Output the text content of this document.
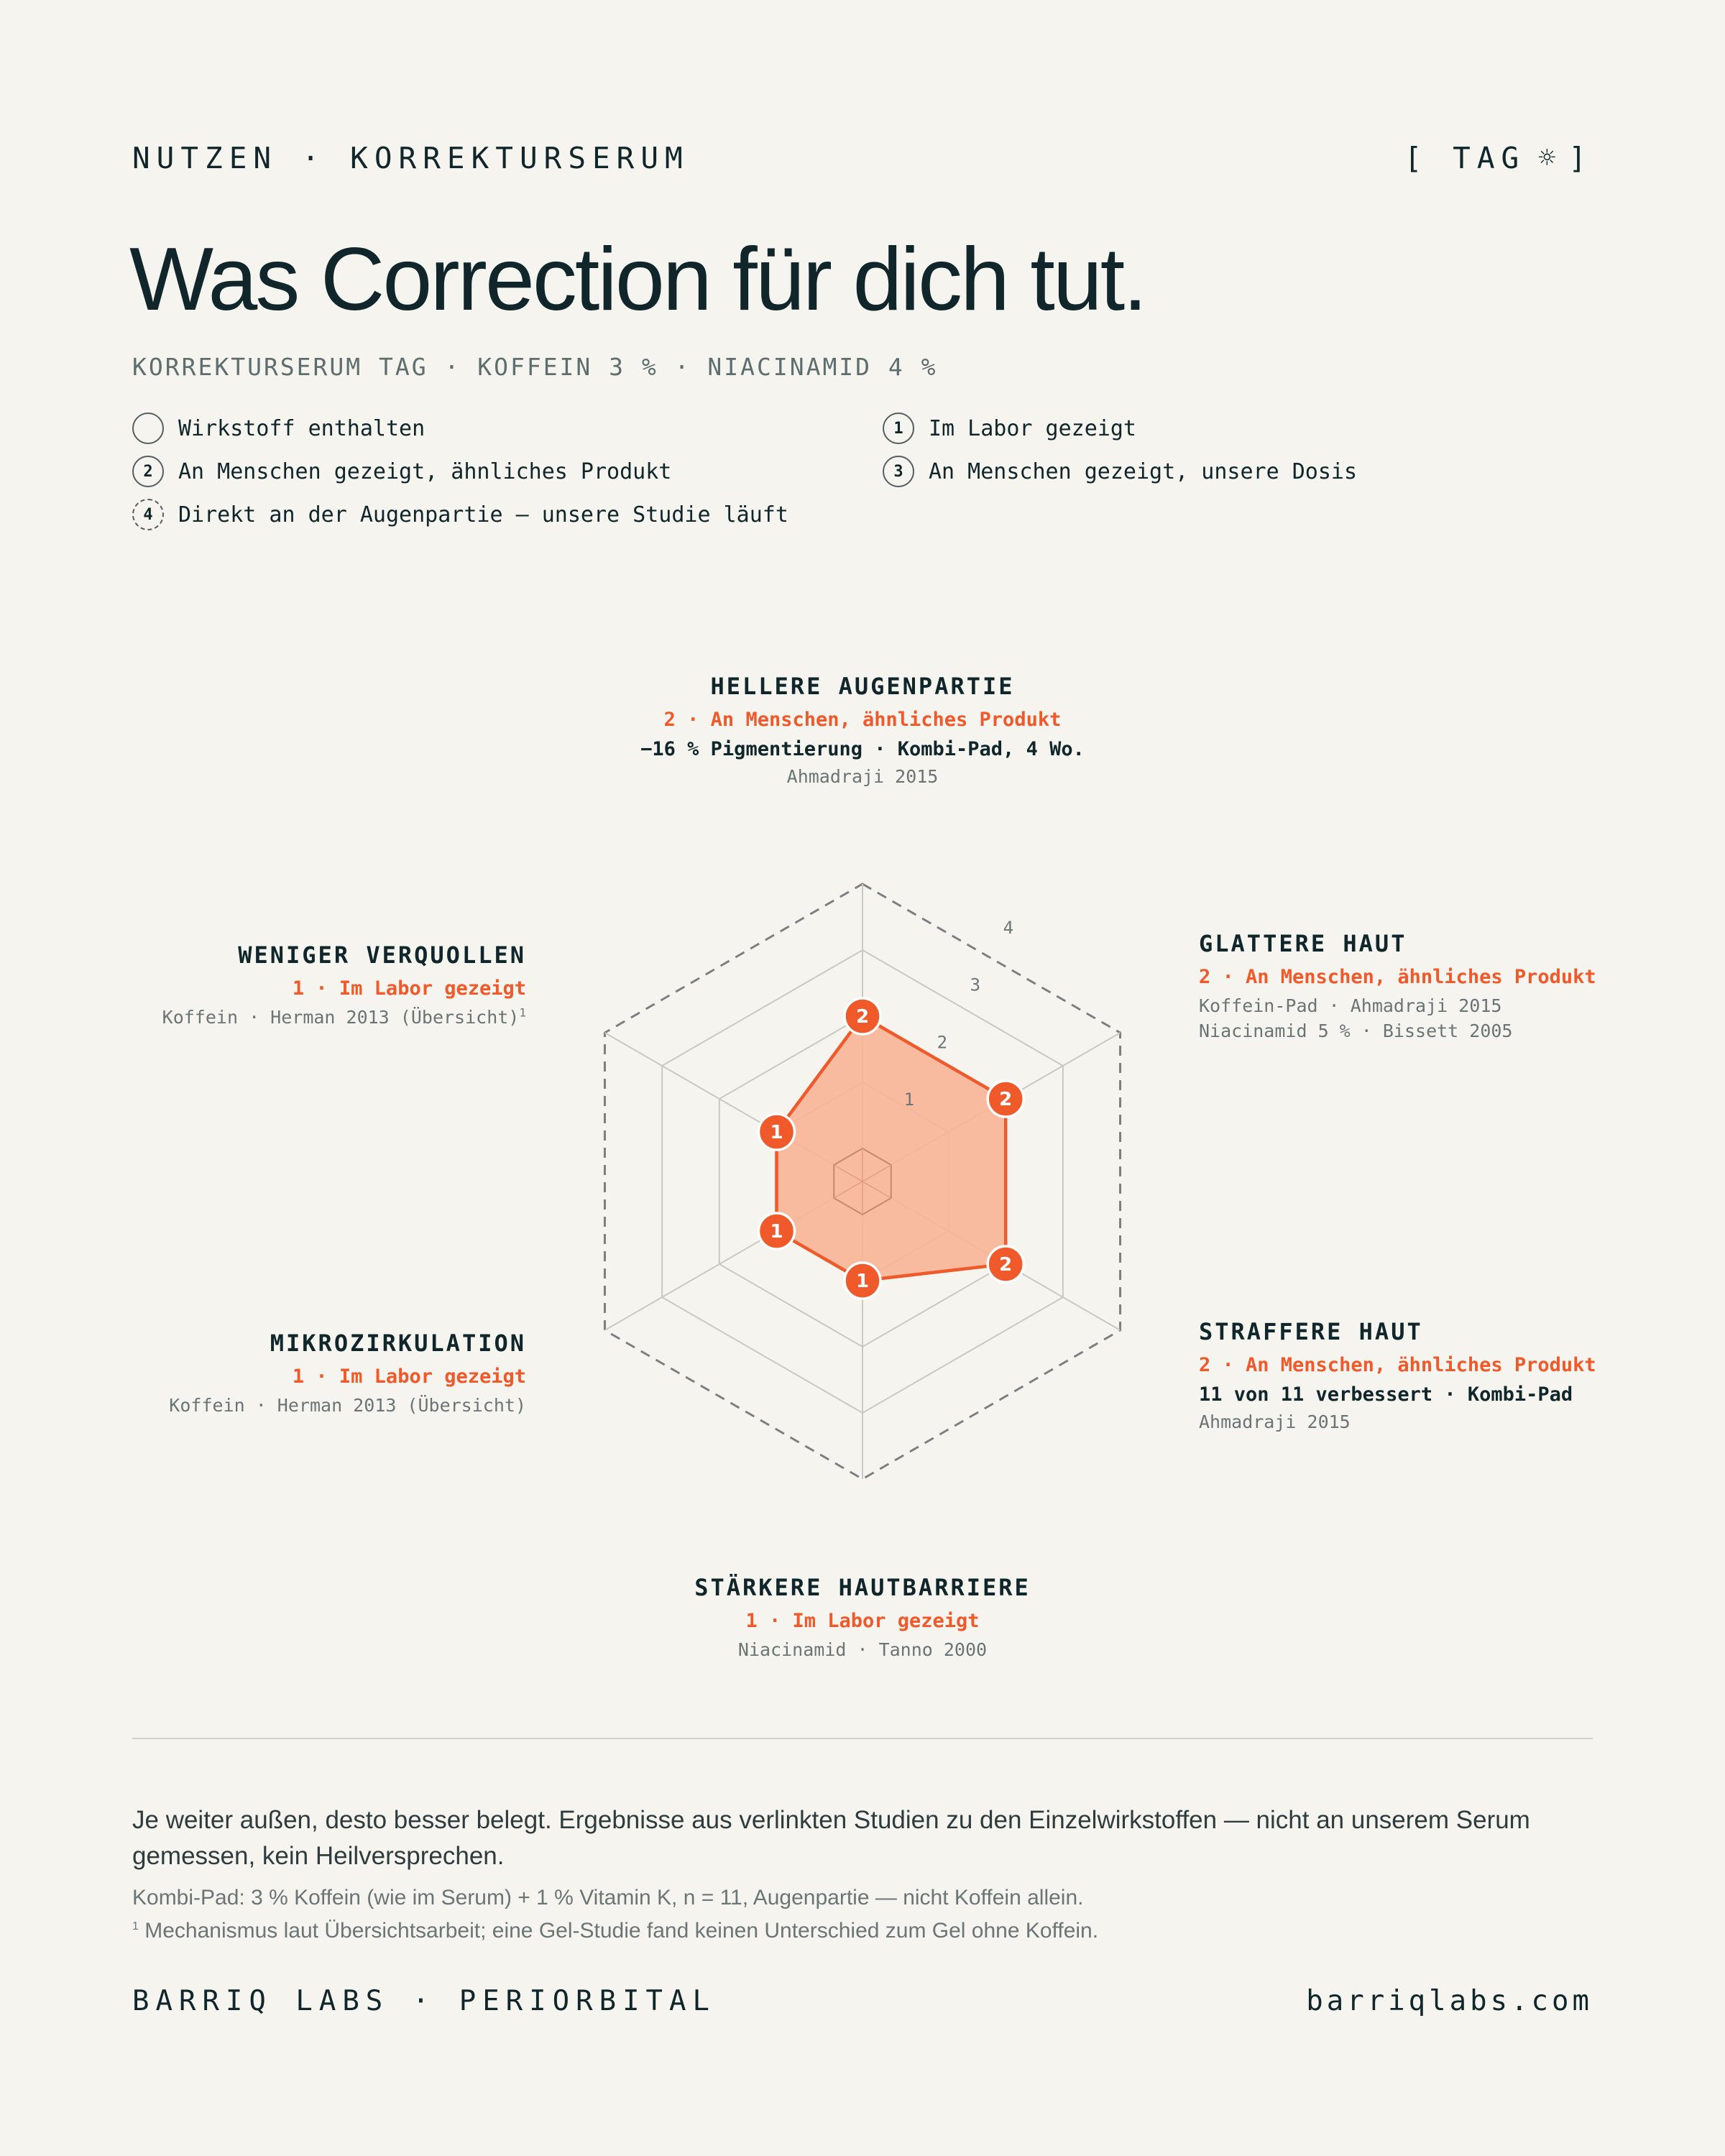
NUTZEN · KORREKTURSERUM	[ TAG ☼ ]
Was Correction für dich tut.
KORREKTURSERUM TAG · KOFFEIN 3 % · NIACINAMID 4 %
Wirkstoff enthalten	1	Im Labor gezeigt
2	An Menschen gezeigt, ähnliches Produkt	3	An Menschen gezeigt, unsere Dosis
4	Direkt an der Augenpartie — unsere Studie läuft
1
2
3
4
2
2
2
1
1
1
HELLERE AUGENPARTIE
2 · An Menschen, ähnliches Produkt
−16 % Pigmentierung · Kombi-Pad, 4 Wo.
Ahmadraji 2015
GLATTERE HAUT
2 · An Menschen, ähnliches Produkt
Koffein-Pad · Ahmadraji 2015
Niacinamid 5 % · Bissett 2005
STRAFFERE HAUT
2 · An Menschen, ähnliches Produkt
11 von 11 verbessert · Kombi-Pad
Ahmadraji 2015
STÄRKERE HAUTBARRIERE
1 · Im Labor gezeigt
Niacinamid · Tanno 2000
MIKROZIRKULATION
1 · Im Labor gezeigt
Koffein · Herman 2013 (Übersicht)
WENIGER VERQUOLLEN
1 · Im Labor gezeigt
Koffein · Herman 2013 (Übersicht)$^1$
Je weiter außen, desto besser belegt. Ergebnisse aus verlinkten Studien zu den Einzelwirkstoffen — nicht an unserem Serum gemessen, kein Heilversprechen.
Kombi-Pad: 3 % Koffein (wie im Serum) + 1 % Vitamin K, n = 11, Augenpartie — nicht Koffein allein.
$^1$ Mechanismus laut Übersichtsarbeit; eine Gel-Studie fand keinen Unterschied zum Gel ohne Koffein.
BARRIQ LABS · PERIORBITAL	barriqlabs.com
